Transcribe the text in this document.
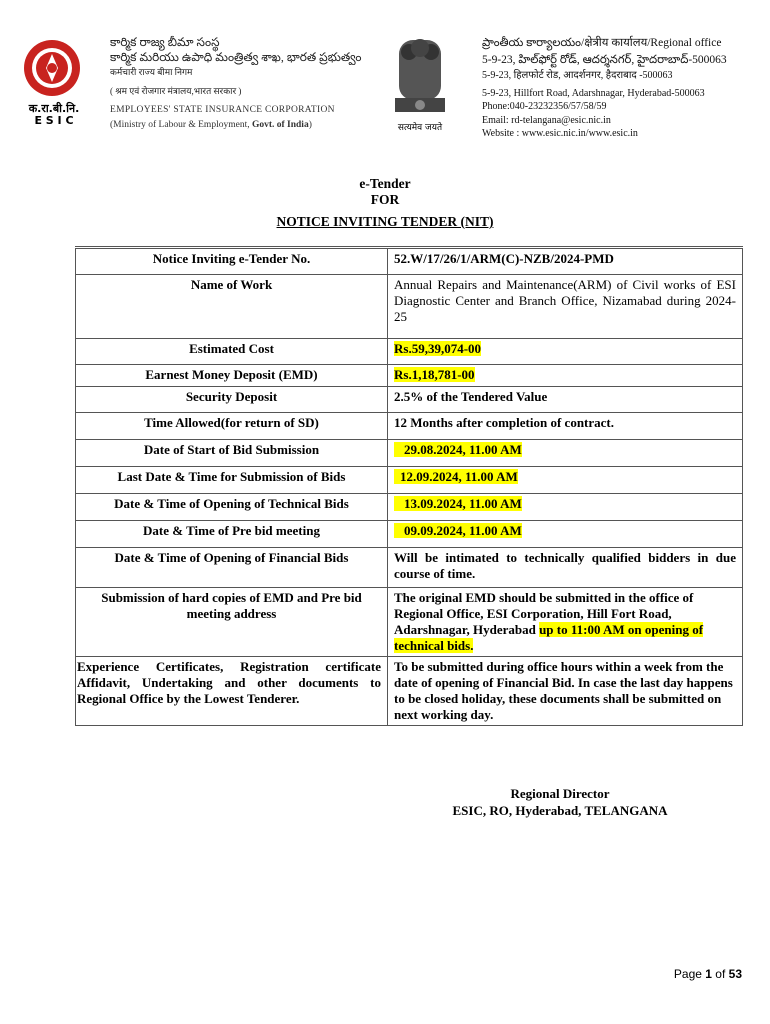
क.रा.बी.नि.
E S I C
కార్మిక రాజ్య బీమా సంస్థ
కార్మిక మరియు ఉపాధి మంత్రిత్వ శాఖ, భారత ప్రభుత్వం
कर्मचारी राज्य बीमा निगम
( श्रम एवं रोजगार मंत्रालय,भारत सरकार )
EMPLOYEES' STATE INSURANCE CORPORATION
(Ministry of Labour & Employment, Govt. of India)	सत्यमेव जयते
ప్రాంతీయ కార్యాలయం/क्षेत्रीय कार्यालय/Regional office
5-9-23, హిల్‌ఫోర్ట్ రోడ్, ఆదర్శనగర్, హైదరాబాద్-500063
5-9-23, हिलफोर्ट रोड, आदर्शनगर, हैदराबाद -500063
5-9-23, Hillfort Road, Adarshnagar, Hyderabad-500063
Phone:040-23232356/57/58/59
Email: rd-telangana@esic.nic.in
Website : www.esic.nic.in/www.esic.in
e-Tender
FOR
NOTICE INVITING TENDER (NIT)
Notice Inviting e-Tender No.	52.W/17/26/1/ARM(C)-NZB/2024-PMD
Name of Work	Annual Repairs and Maintenance(ARM) of Civil works of ESI Diagnostic Center and Branch Office, Nizamabad during 2024-25
Estimated Cost	Rs.59,39,074-00
Earnest Money Deposit (EMD)	Rs.1,18,781-00
Security Deposit	2.5% of the Tendered Value
Time Allowed(for return of SD)	12 Months after completion of contract.
Date of Start of Bid Submission	29.08.2024, 11.00 AM
Last Date & Time for Submission of Bids	12.09.2024, 11.00 AM
Date & Time of Opening of Technical Bids	13.09.2024, 11.00 AM
Date & Time of Pre bid meeting	09.09.2024, 11.00 AM
Date & Time of Opening of Financial Bids	Will be intimated to technically qualified bidders in due course of time.
Submission of hard copies of EMD and Pre bid meeting address	The original EMD should be submitted in the office of Regional Office, ESI Corporation, Hill Fort Road, Adarshnagar, Hyderabad up to 11:00 AM on opening of technical bids.
Experience Certificates, Registration certificate Affidavit, Undertaking and other documents to Regional Office by the Lowest Tenderer.	To be submitted during office hours within a week from the date of opening of Financial Bid. In case the last day happens to be closed holiday, these documents shall be submitted on next working day.
Regional Director
ESIC, RO, Hyderabad, TELANGANA
Page 1 of 53
